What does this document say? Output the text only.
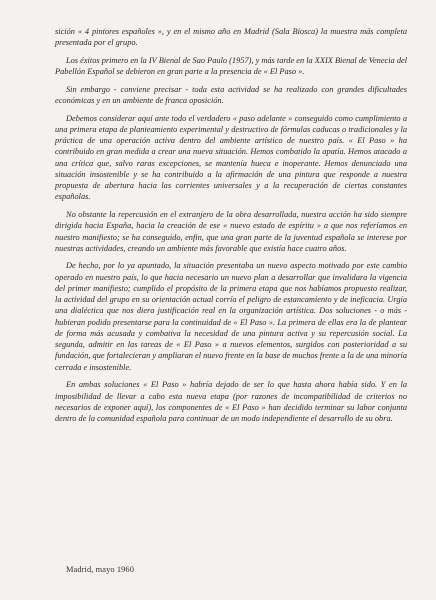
sición « 4 pintores españoles », y en el mismo año en Madrid (Sala Biosca) la muestra más completa presentada por el grupo.

Los éxitos primero en la IV Bienal de Sao Paulo (1957), y más tarde en la XXIX Bienal de Venecia del Pabellón Español se debieron en gran parte a la presencia de « El Paso ».

Sin embargo - conviene precisar - toda esta actividad se ha realizado con grandes dificultades económicas y en un ambiente de franca oposición.

Debemos considerar aquí ante todo el verdadero « paso adelante » conseguido como cumplimiento a una primera etapa de planteamiento experimental y destructivo de fórmulas caducas o tradicionales y la práctica de una operación activa dentro del ambiente artístico de nuestro país. « El Paso » ha contribuido en gran medida a crear una nueva situación. Hemos combatido la apatía. Hemos atacado a una crítica que, salvo raras excepciones, se mantenía hueca e inoperante. Hemos denunciado una situación insostenible y se ha contribuido a la afirmación de una pintura que responde a nuestra propuesta de abertura hacia las corrientes universales y a la recuperación de ciertas constantes españolas.

No obstante la repercusión en el extranjero de la obra desarrollada, nuestra acción ha sido siempre dirigida hacia España, hacia la creación de ese « nuevo estado de espíritu » a que nos referíamos en nuestro manifiesto; se ha conseguido, enfin, que una gran parte de la juventud española se interese por nuestras actividades, creando un ambiente más favorable que existía hace cuatro años.

De hecho, por lo ya apuntado, la situación presentaba un nuevo aspecto motivado por este cambio operado en nuestro país, lo que hacia necesario un nuevo plan a desarrollar que invalidara la vigencia del primer manifiesto; cumplido el propósito de la primera etapa que nos habíamos propuesto realizar, la actividad del grupo en su orientación actual corría el peligro de estancamiento y de ineficacia. Urgía una dialéctica que nos diera justificación real en la organización artística. Dos soluciones - o más - hubieran podido presentarse para la continuidad de « El Paso ». La primera de ellas era la de plantear de forma más acusada y combativa la necesidad de una pintura activa y su repercusión social. La segunda, admitir en las tareas de « El Paso » a nuevos elementos, surgidos con posterioridad a su fundación, que fortalecieran y ampliaran el nuevo frente en la base de muchos frente a la de una minoría cerrada e insostenible.

En ambas soluciones « El Paso » habría dejado de ser lo que hasta ahora había sido. Y en la imposibilidad de llevar a cabo esta nueva etapa (por razones de incompatibilidad de criterios no necesarios de exponer aquí), los componentes de « El Paso » han decidido terminar su labor conjunta dentro de la comunidad española para continuar de un modo independiente el desarrollo de su obra.

Madrid, mayo 1960
